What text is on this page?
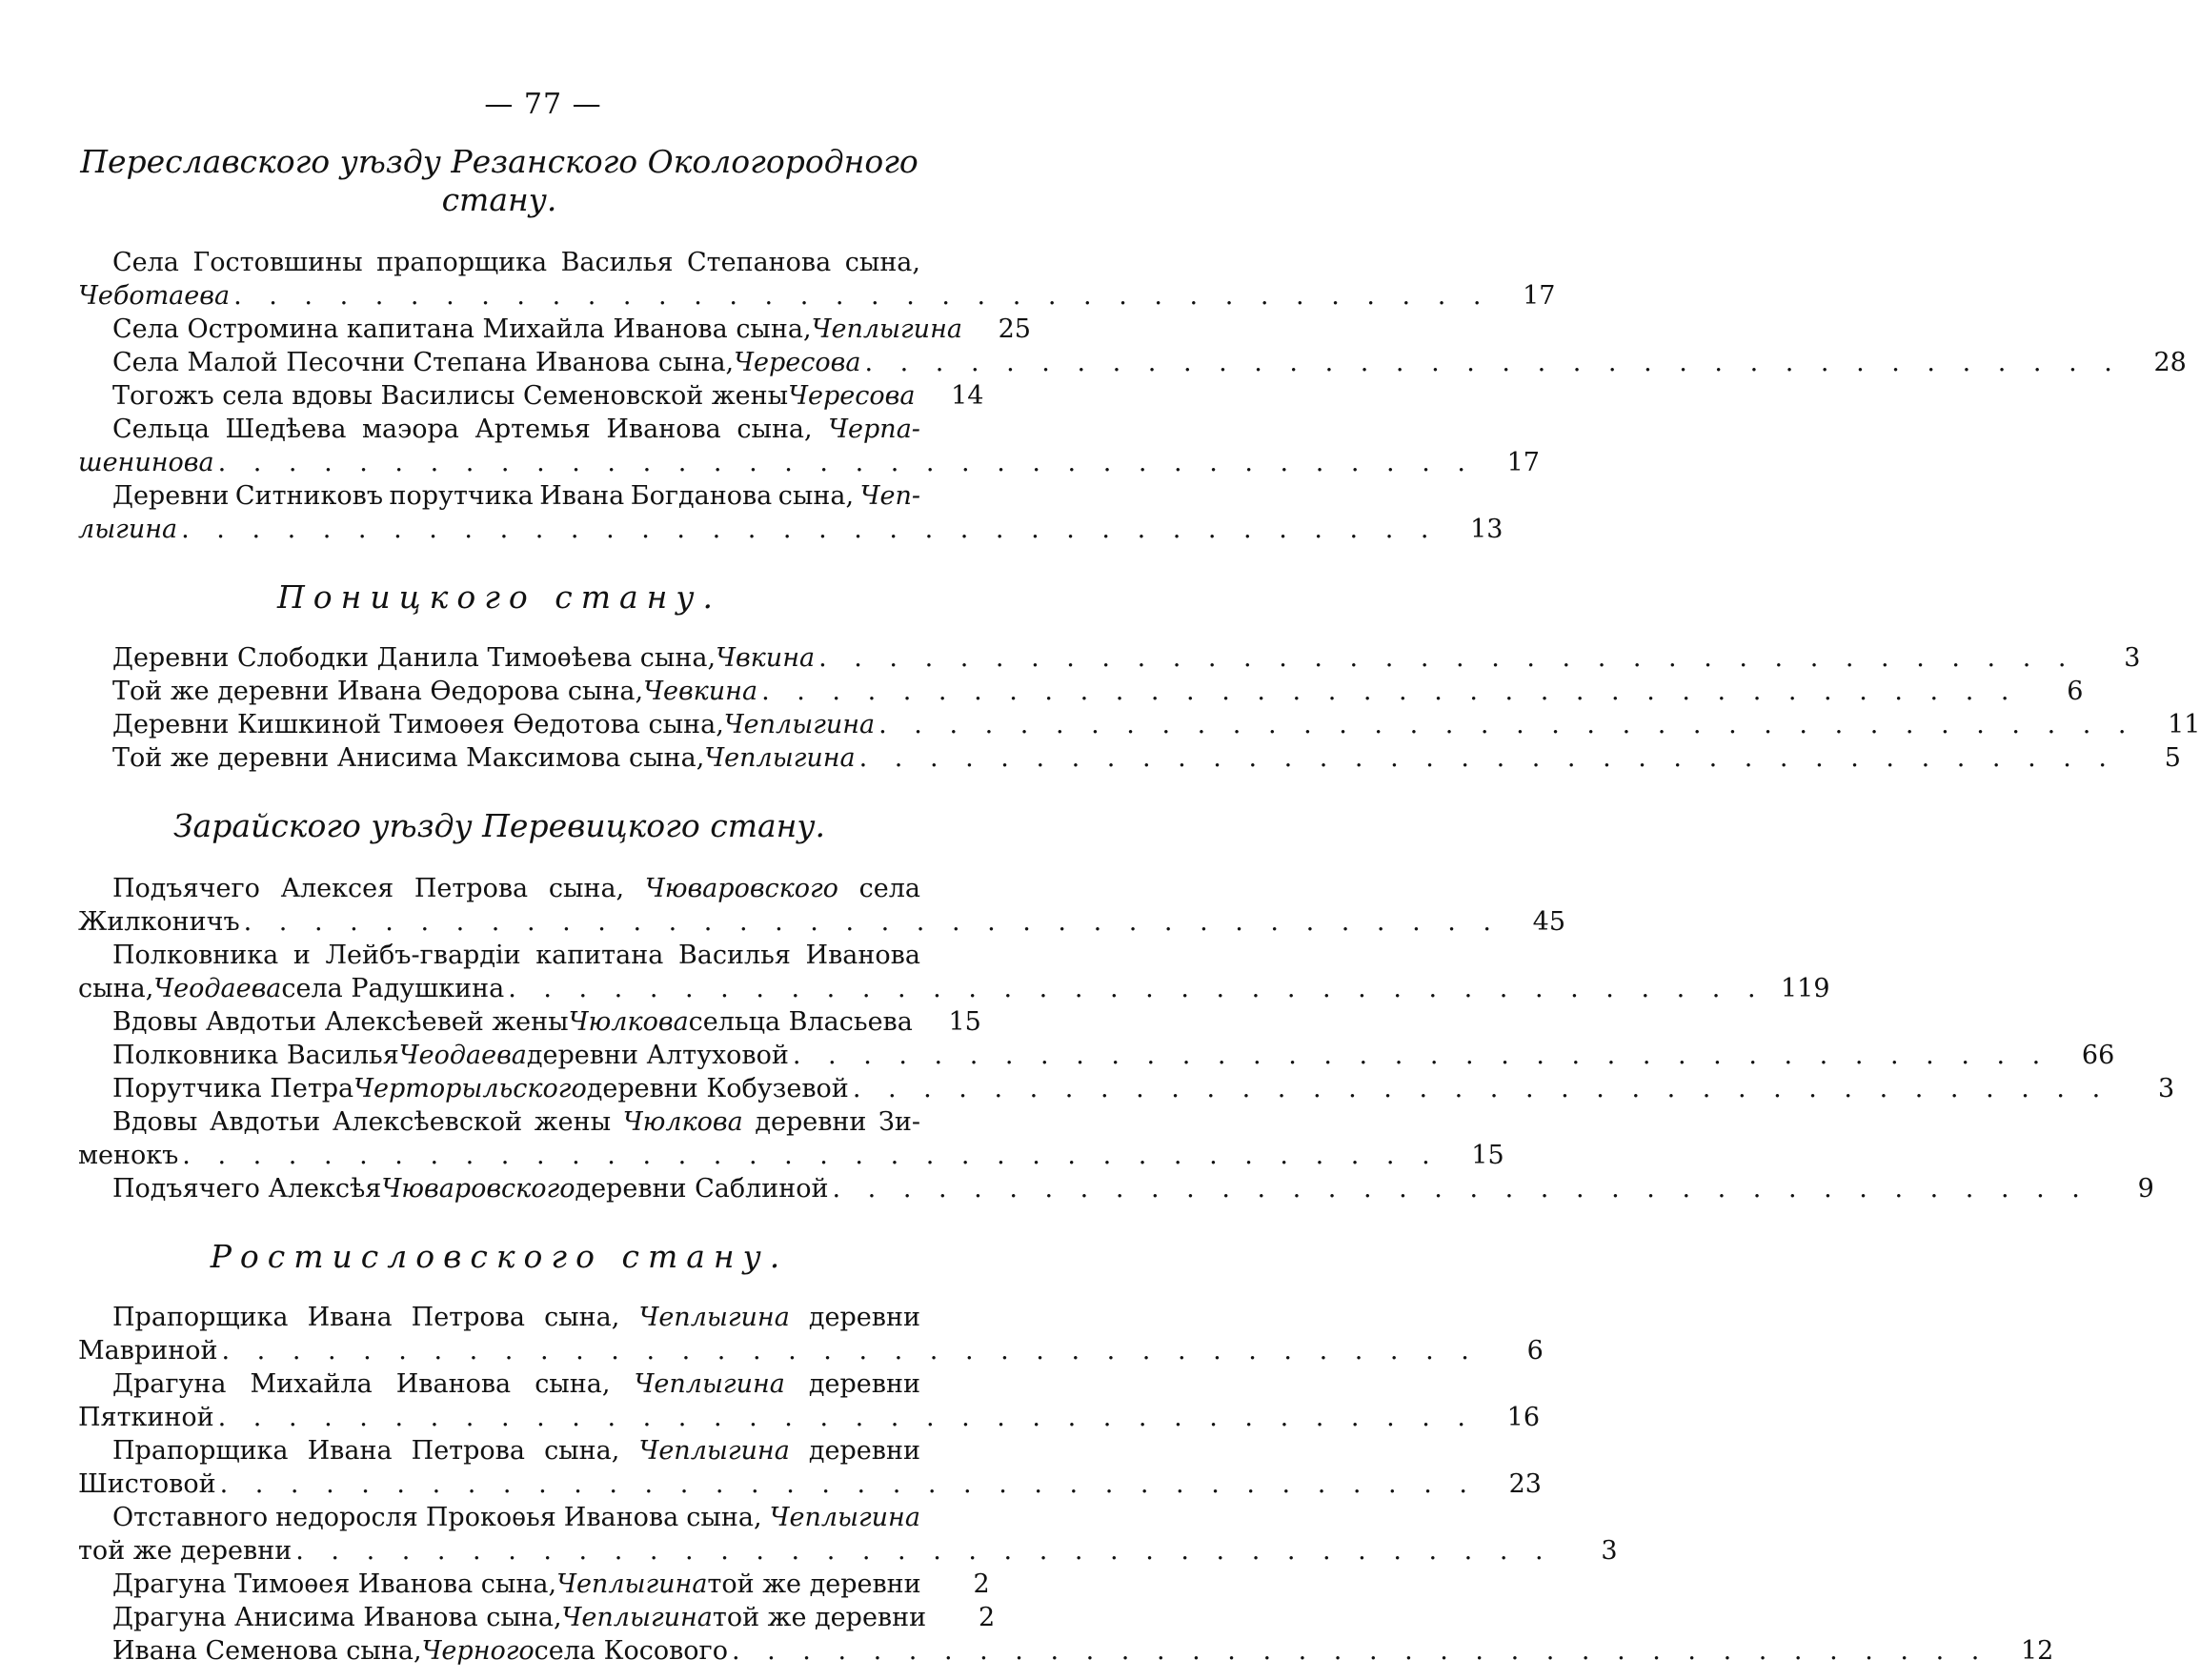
— 77 —
Переславского уѣзду Резанского Окологородного стану.
Села Гостовшины прапорщика Василья Степанова сына,
Чеботаева . . . . . . . . . . . . . . . . . . . . . . . . . . . . . . . . . . . .	17
Села Остромина капитана Михайла Иванова сына, Чеплыгина	25
Села Малой Песочни Степана Иванова сына, Чересова . . . . . . . . . . . . . . . . . . . . . . . . . . . . . . . . . . . .	28
Тогожъ села вдовы Василисы Семеновской жены Чересова	14
Сельца Шедѣева маэора Артемья Иванова сына, Черпа-
шенинова . . . . . . . . . . . . . . . . . . . . . . . . . . . . . . . . . . . .	17
Деревни Ситниковъ порутчика Ивана Богданова сына, Чеп-
лыгина . . . . . . . . . . . . . . . . . . . . . . . . . . . . . . . . . . . .	13
Поницкого стану.
Деревни Слободки Данила Тимоѳѣева сына, Чвкина . . . . . . . . . . . . . . . . . . . . . . . . . . . . . . . . . . . .	3
Той же деревни Ивана Ѳедорова сына, Чевкина . . . . . . . . . . . . . . . . . . . . . . . . . . . . . . . . . . . .	6
Деревни Кишкиной Тимоѳея Ѳедотова сына, Чеплыгина . . . . . . . . . . . . . . . . . . . . . . . . . . . . . . . . . . . .	11
Той же деревни Анисима Максимова сына, Чеплыгина . . . . . . . . . . . . . . . . . . . . . . . . . . . . . . . . . . . .	5
Зарайского уѣзду Перевицкого стану.
Подъячего Алексея Петрова сына, Чюваровского села
Жилконичъ . . . . . . . . . . . . . . . . . . . . . . . . . . . . . . . . . . . .	45
Полковника и Лейбъ-гвардіи капитана Василья Иванова
сына, Чеодаева села Радушкина . . . . . . . . . . . . . . . . . . . . . . . . . . . . . . . . . . . . 119
Вдовы Авдотьи Алексѣевей жены Чюлкова сельца Власьева	15
Полковника Василья Чеодаева деревни Алтуховой . . . . . . . . . . . . . . . . . . . . . . . . . . . . . . . . . . . .	66
Порутчика Петра Черторыльского деревни Кобузевой . . . . . . . . . . . . . . . . . . . . . . . . . . . . . . . . . . . .	3
Вдовы Авдотьи Алексѣевской жены Чюлкова деревни Зи-
менокъ . . . . . . . . . . . . . . . . . . . . . . . . . . . . . . . . . . . .	15
Подъячего Алексѣя Чюваровского деревни Саблиной . . . . . . . . . . . . . . . . . . . . . . . . . . . . . . . . . . . .	9
Ростисловского стану.
Прапорщика Ивана Петрова сына, Чеплыгина деревни
Мавриной . . . . . . . . . . . . . . . . . . . . . . . . . . . . . . . . . . . .	6
Драгуна Михайла Иванова сына, Чеплыгина деревни
Пяткиной . . . . . . . . . . . . . . . . . . . . . . . . . . . . . . . . . . . .	16
Прапорщика Ивана Петрова сына, Чеплыгина деревни
Шистовой . . . . . . . . . . . . . . . . . . . . . . . . . . . . . . . . . . . .	23
Отставного недоросля Прокоѳья Иванова сына, Чеплыгина
той же деревни . . . . . . . . . . . . . . . . . . . . . . . . . . . . . . . . . . . .	3
Драгуна Тимоѳея Иванова сына, Чеплыгина той же деревни	2
Драгуна Анисима Иванова сына, Чеплыгина той же деревни	2
Ивана Семенова сына, Черного села Косового . . . . . . . . . . . . . . . . . . . . . . . . . . . . . . . . . . . .	12
